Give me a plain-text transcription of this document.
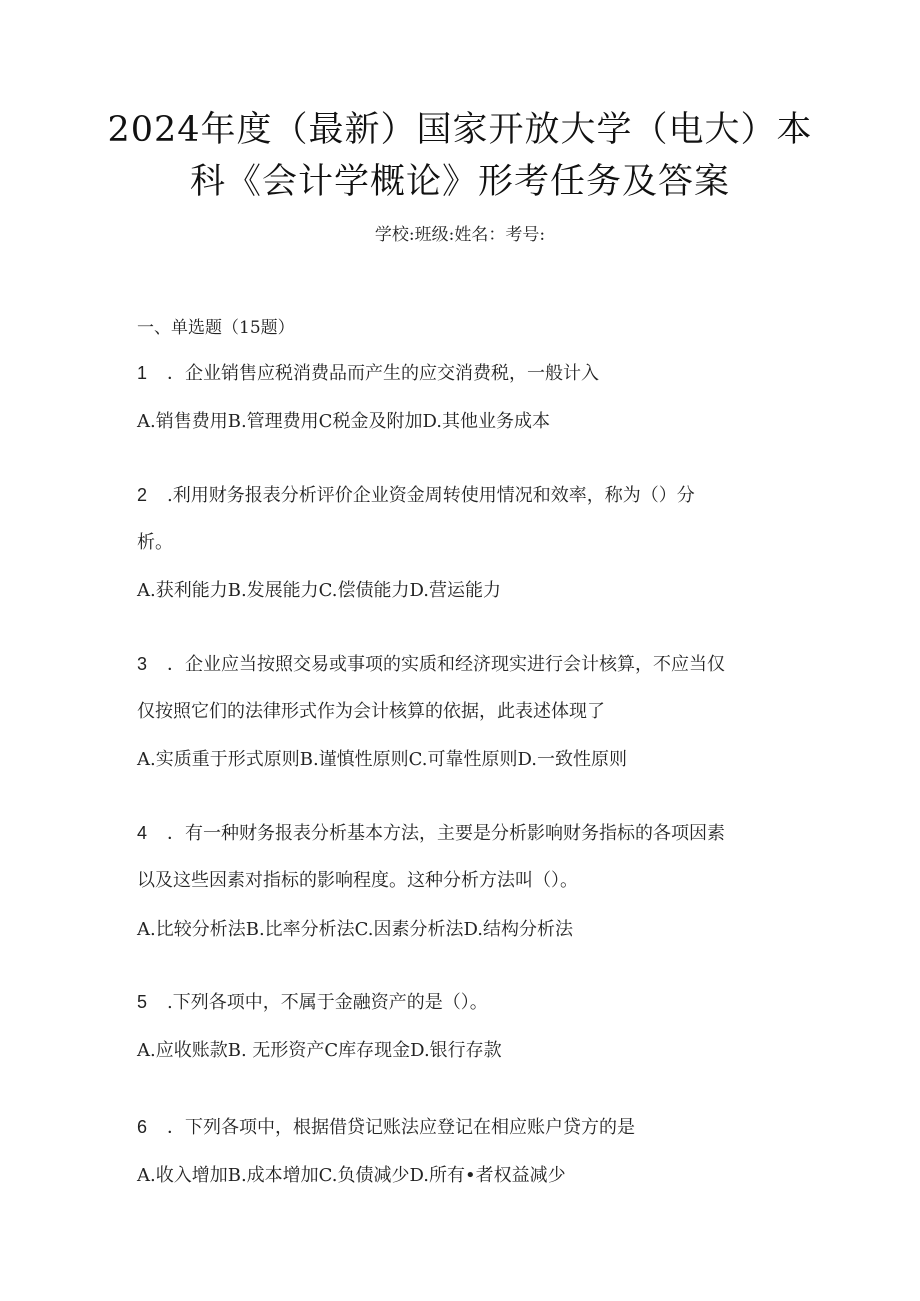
2024年度（最新）国家开放大学（电大）本
科《会计学概论》形考任务及答案
学校:班级:姓名：考号:
一、单选题（15题）
1 ．企业销售应税消费品而产生的应交消费税，一般计入
A.销售费用B.管理费用C税金及附加D.其他业务成本
2 .利用财务报表分析评价企业资金周转使用情况和效率，称为（）分
析。
A.获利能力B.发展能力C.偿债能力D.营运能力
3 ．企业应当按照交易或事项的实质和经济现实进行会计核算，不应当仅
仅按照它们的法律形式作为会计核算的依据，此表述体现了
A.实质重于形式原则B.谨慎性原则C.可靠性原则D.一致性原则
4 ．有一种财务报表分析基本方法，主要是分析影响财务指标的各项因素
以及这些因素对指标的影响程度。这种分析方法叫（）。
A.比较分析法B.比率分析法C.因素分析法D.结构分析法
5 .下列各项中，不属于金融资产的是（）。
A.应收账款B. 无形资产C库存现金D.银行存款
6 ．下列各项中，根据借贷记账法应登记在相应账户贷方的是
A.收入增加B.成本增加C.负债减少D.所有•者权益减少
